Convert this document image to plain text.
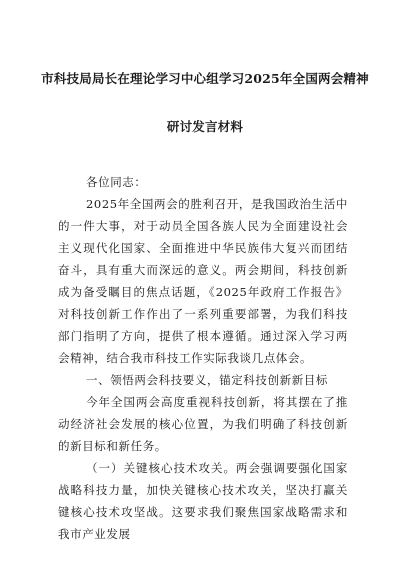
市科技局局长在理论学习中心组学习2025年全国两会精神
研讨发言材料

各位同志：

2025年全国两会的胜利召开，是我国政治生活中的一件大事，对于动员全国各族人民为全面建设社会主义现代化国家、全面推进中华民族伟大复兴而团结奋斗，具有重大而深远的意义。两会期间，科技创新成为备受瞩目的焦点话题，《2025年政府工作报告》对科技创新工作作出了一系列重要部署，为我们科技部门指明了方向，提供了根本遵循。通过深入学习两会精神，结合我市科技工作实际我谈几点体会。

一、领悟两会科技要义，锚定科技创新新目标

今年全国两会高度重视科技创新，将其摆在了推动经济社会发展的核心位置，为我们明确了科技创新的新目标和新任务。

（一）关键核心技术攻关。两会强调要强化国家战略科技力量，加快关键核心技术攻关，坚决打赢关键核心技术攻坚战。这要求我们聚焦国家战略需求和我市产业发展
